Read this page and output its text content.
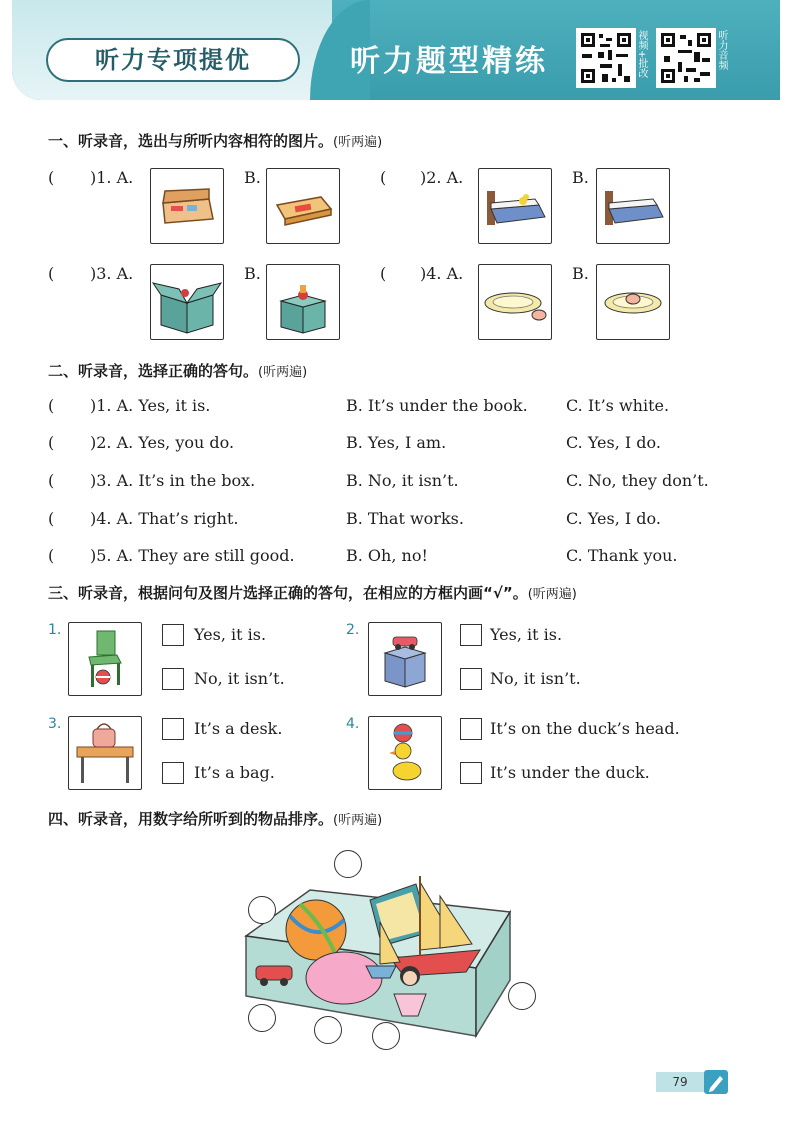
听力专项提优	听力题型精练	视频+批改	听力音频
一、听录音，选出与所听内容相符的图片。(听两遍)
( )1. A.	B.	( )2. A.	B.
( )3. A.	B.	( )4. A.	B.
二、听录音，选择正确的答句。(听两遍)
( )1. A. Yes, it is.	B. It’s under the book. C. It’s white.
( )2. A. Yes, you do.	B. Yes, I am.	C. Yes, I do.
( )3. A. It’s in the box.	B. No, it isn’t.	C. No, they don’t.
( )4. A. That’s right.	B. That works.	C. Yes, I do.
( )5. A. They are still good.	B. Oh, no!	C. Thank you.
三、听录音，根据问句及图片选择正确的答句，在相应的方框内画“√”。(听两遍)
1.	Yes, it is.
No, it isn’t.
2.	Yes, it is.
No, it isn’t.
3.	It’s a desk.
It’s a bag.
4.	It’s on the duck’s head.
It’s under the duck.
四、听录音，用数字给所听到的物品排序。(听两遍)
79
